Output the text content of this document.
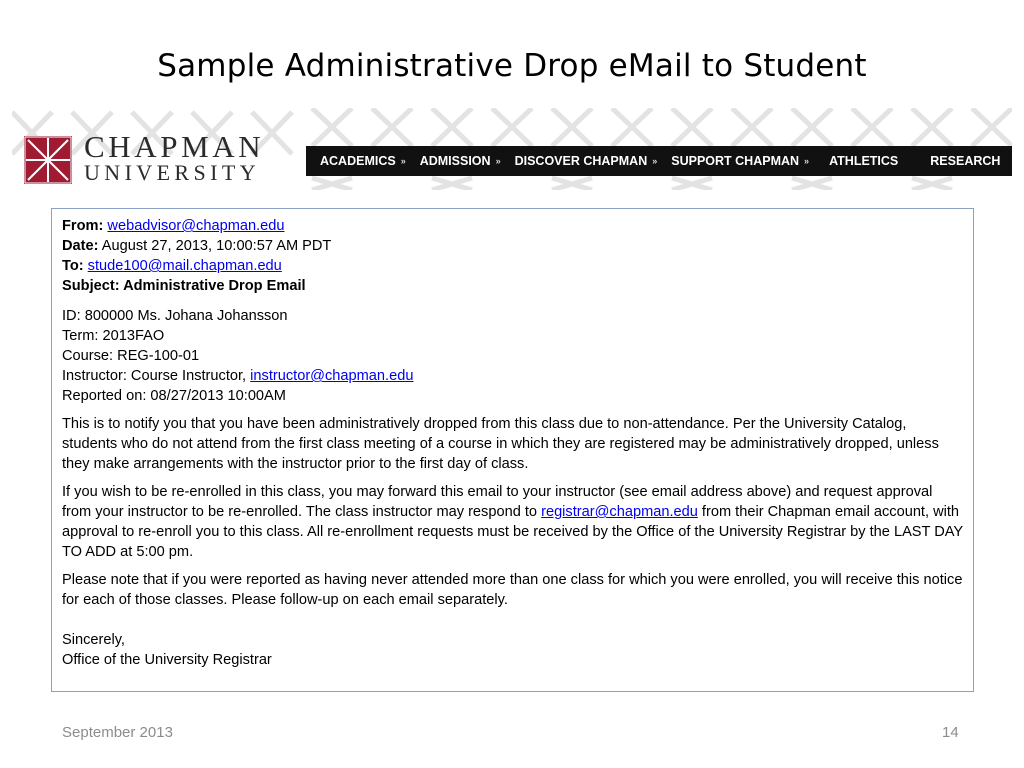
Sample Administrative Drop eMail to Student
CHAPMAN
UNIVERSITY	ACADEMICS » ADMISSION » DISCOVER CHAPMAN » SUPPORT CHAPMAN » ATHLETICS	RESEARCH
From: webadvisor@chapman.edu
Date: August 27, 2013, 10:00:57 AM PDT
To: stude100@mail.chapman.edu
Subject: Administrative Drop Email
ID: 800000 Ms. Johana Johansson
Term: 2013FAO
Course: REG-100-01
Instructor: Course Instructor, instructor@chapman.edu
Reported on: 08/27/2013 10:00AM
This is to notify you that you have been administratively dropped from this class due to non-attendance. Per the University Catalog, students who do not attend from the first class meeting of a course in which they are registered may be administratively dropped, unless they make arrangements with the instructor prior to the first day of class.
If you wish to be re-enrolled in this class, you may forward this email to your instructor (see email address above) and request approval from your instructor to be re-enrolled. The class instructor may respond to registrar@chapman.edu from their Chapman email account, with approval to re-enroll you to this class. All re-enrollment requests must be received by the Office of the University Registrar by the LAST DAY TO ADD at 5:00 pm.
Please note that if you were reported as having never attended more than one class for which you were enrolled, you will receive this notice for each of those classes. Please follow-up on each email separately.
Sincerely,
Office of the University Registrar
September 2013	14
